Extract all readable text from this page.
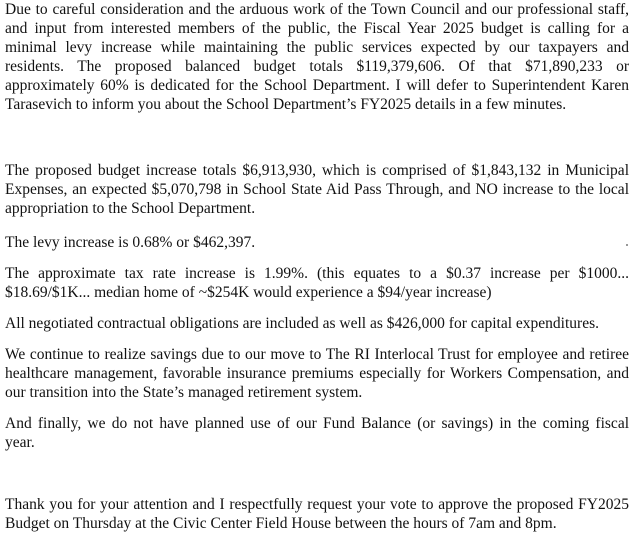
Due to careful consideration and the arduous work of the Town Council and our professional staff,
and input from interested members of the public, the Fiscal Year 2025 budget is calling for a
minimal levy increase while maintaining the public services expected by our taxpayers and
residents. The proposed balanced budget totals $119,379,606. Of that $71,890,233 or
approximately 60% is dedicated for the School Department. I will defer to Superintendent Karen
Tarasevich to inform you about the School Department’s FY2025 details in a few minutes.

The proposed budget increase totals $6,913,930, which is comprised of $1,843,132 in Municipal
Expenses, an expected $5,070,798 in School State Aid Pass Through, and NO increase to the local
appropriation to the School Department.

The levy increase is 0.68% or $462,397.

The approximate tax rate increase is 1.99%. (this equates to a $0.37 increase per $1000...
$18.69/$1K... median home of ~$254K would experience a $94/year increase)

All negotiated contractual obligations are included as well as $426,000 for capital expenditures.

We continue to realize savings due to our move to The RI Interlocal Trust for employee and retiree
healthcare management, favorable insurance premiums especially for Workers Compensation, and
our transition into the State’s managed retirement system.

And finally, we do not have planned use of our Fund Balance (or savings) in the coming fiscal
year.

Thank you for your attention and I respectfully request your vote to approve the proposed FY2025
Budget on Thursday at the Civic Center Field House between the hours of 7am and 8pm.
